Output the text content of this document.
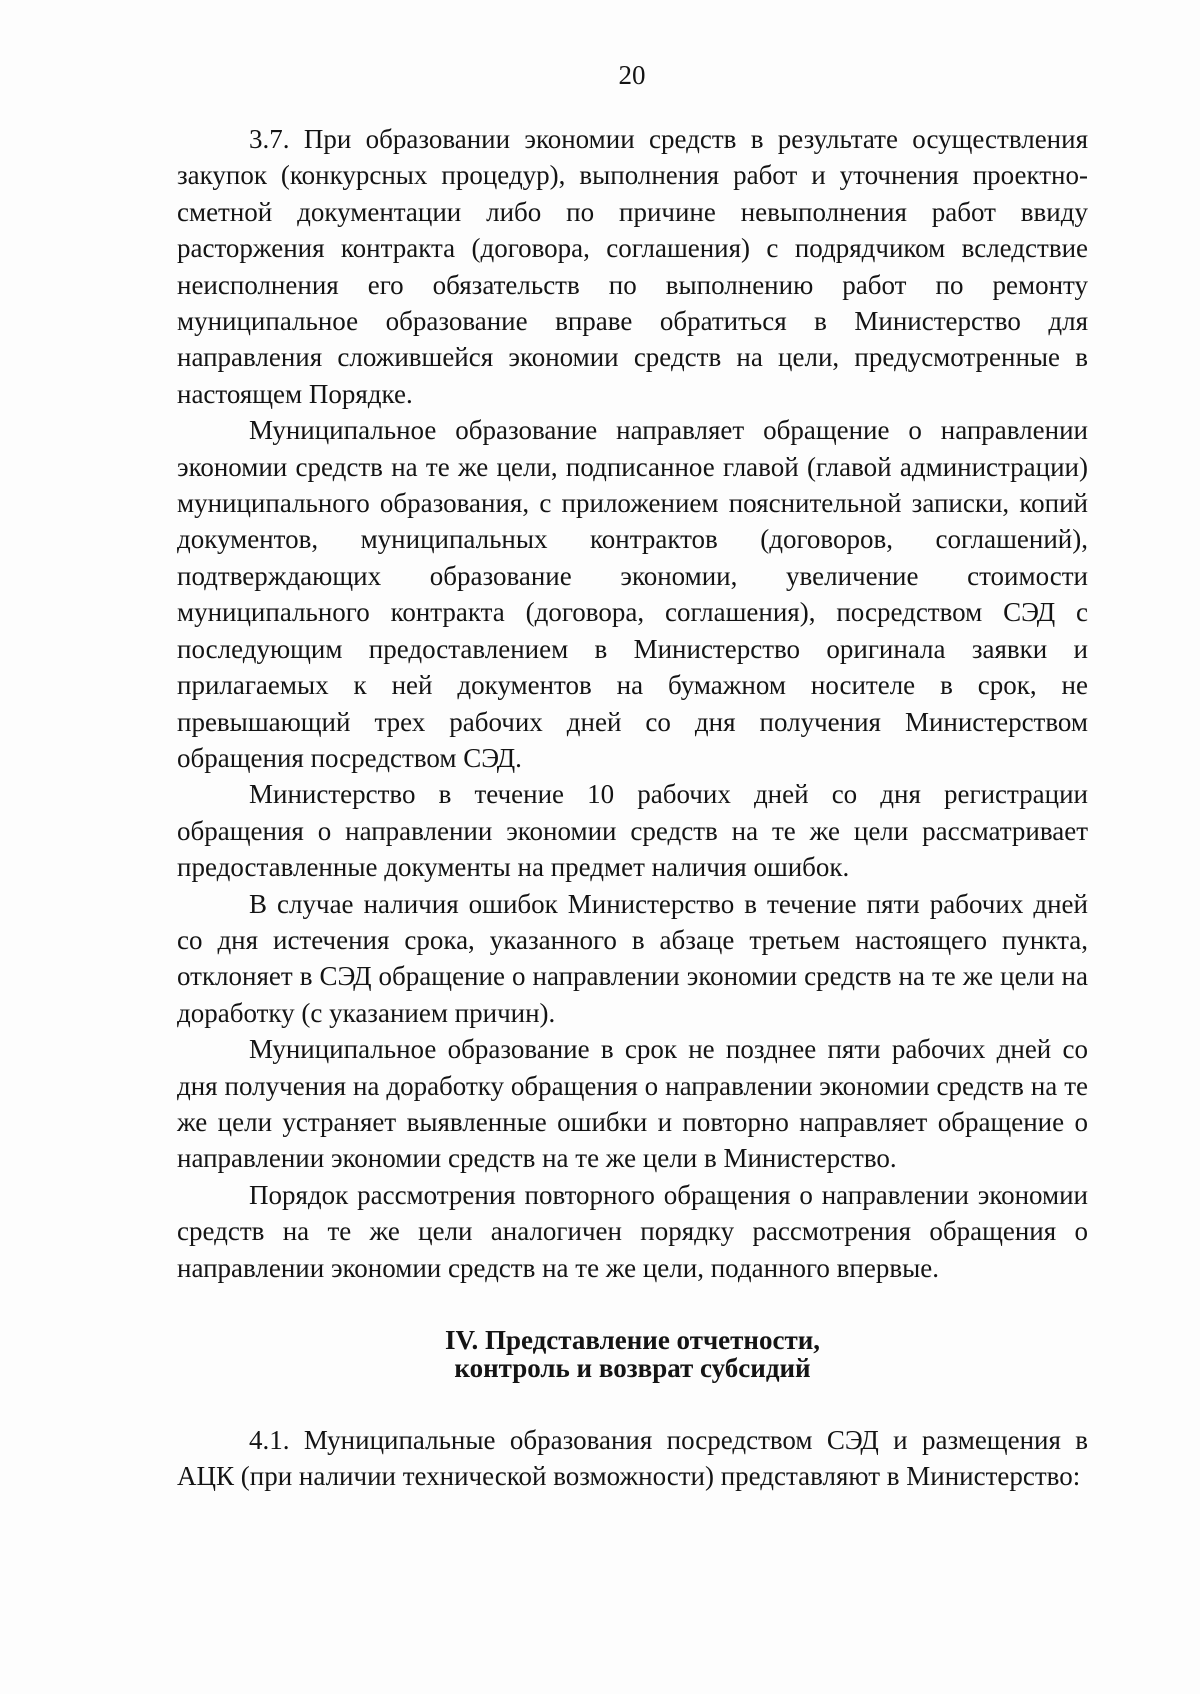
20

3.7. При образовании экономии средств в результате осуществления закупок (конкурсных процедур), выполнения работ и уточнения проектно-сметной документации либо по причине невыполнения работ ввиду расторжения контракта (договора, соглашения) с подрядчиком вследствие неисполнения его обязательств по выполнению работ по ремонту муниципальное образование вправе обратиться в Министерство для направления сложившейся экономии средств на цели, предусмотренные в настоящем Порядке.

Муниципальное образование направляет обращение о направлении экономии средств на те же цели, подписанное главой (главой администрации) муниципального образования, с приложением пояснительной записки, копий документов, муниципальных контрактов (договоров, соглашений), подтверждающих образование экономии, увеличение стоимости муниципального контракта (договора, соглашения), посредством СЭД с последующим предоставлением в Министерство оригинала заявки и прилагаемых к ней документов на бумажном носителе в срок, не превышающий трех рабочих дней со дня получения Министерством обращения посредством СЭД.

Министерство в течение 10 рабочих дней со дня регистрации обращения о направлении экономии средств на те же цели рассматривает предоставленные документы на предмет наличия ошибок.

В случае наличия ошибок Министерство в течение пяти рабочих дней со дня истечения срока, указанного в абзаце третьем настоящего пункта, отклоняет в СЭД обращение о направлении экономии средств на те же цели на доработку (с указанием причин).

Муниципальное образование в срок не позднее пяти рабочих дней со дня получения на доработку обращения о направлении экономии средств на те же цели устраняет выявленные ошибки и повторно направляет обращение о направлении экономии средств на те же цели в Министерство.

Порядок рассмотрения повторного обращения о направлении экономии средств на те же цели аналогичен порядку рассмотрения обращения о направлении экономии средств на те же цели, поданного впервые.

IV. Представление отчетности,
контроль и возврат субсидий

4.1. Муниципальные образования посредством СЭД и размещения в АЦК (при наличии технической возможности) представляют в Министерство:
